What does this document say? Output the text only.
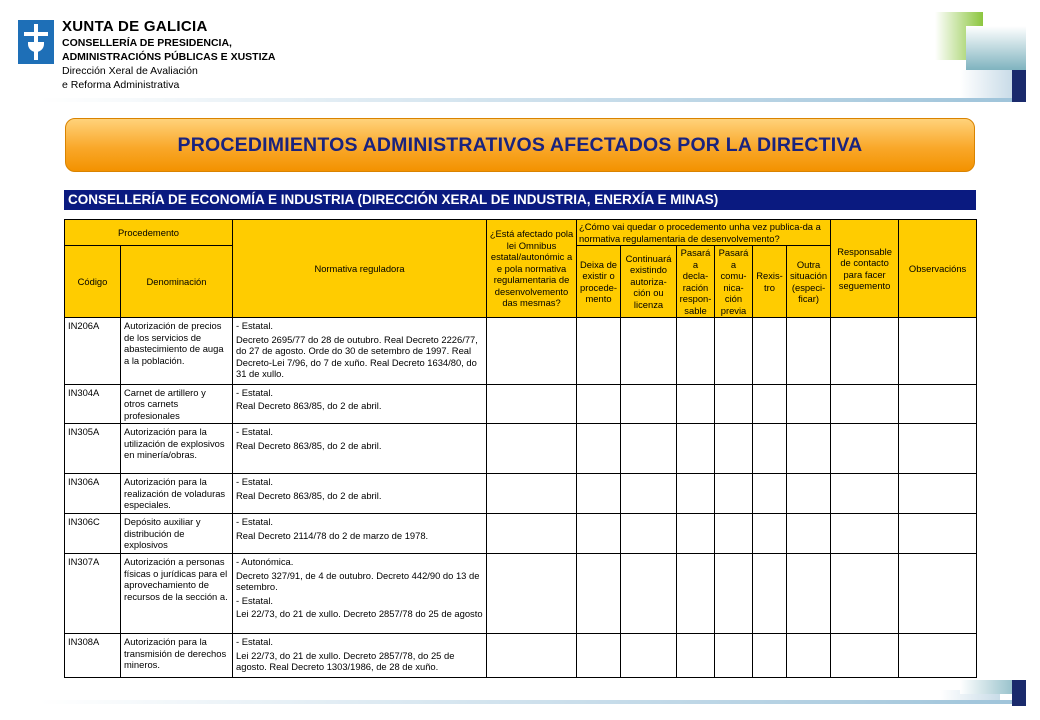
XUNTA DE GALICIA
CONSELLERÍA DE PRESIDENCIA,
ADMINISTRACIÓNS PÚBLICAS E XUSTIZA
Dirección Xeral de Avaliación
e Reforma Administrativa
PROCEDIMIENTOS ADMINISTRATIVOS AFECTADOS POR LA DIRECTIVA
CONSELLERÍA DE ECONOMÍA E INDUSTRIA (DIRECCIÓN XERAL DE INDUSTRIA, ENERXÍA E MINAS)
Procedemento		Normativa reguladora	¿Está afectado pola lei Omnibus estatal/autonómic a e pola normativa regulamentaria de desenvolvemento das mesmas?	¿Cómo vai quedar o procedemento unha vez publica-da a normativa regulamentaria de desenvolvemento?						Responsable de contacto para facer seguemento	Observacións
Código	Denominación			Deixa de existir o procede-mento	Continuará existindo autoriza-ción ou licenza	Pasará a decla-ración respon-sable	Pasará a comu-nica-ción previa	Rexis-tro	Outra situación (especi-ficar)		
IN206A	Autorización de precios de los servicios de abastecimiento de auga a la población.	- Estatal.

Decreto 2695/77 do 28 de outubro. Real Decreto 2226/77, do 27 de agosto. Orde do 30 de setembro de 1997. Real Decreto-Lei 7/96, do 7 de xuño. Real Decreto 1634/80, do 31 de xullo.									

IN304A	Carnet de artillero y otros carnets profesionales	- Estatal.

Real Decreto 863/85, do 2 de abril.									

IN305A	Autorización para la utilización de explosivos en minería/obras.	- Estatal.

Real Decreto 863/85, do 2 de abril.									

IN306A	Autorización para la realización de voladuras especiales.	- Estatal.

Real Decreto 863/85, do 2 de abril.									

IN306C	Depósito auxiliar y distribución de explosivos	- Estatal.

Real Decreto 2114/78 do 2 de marzo de 1978.									

IN307A	Autorización a personas físicas o jurídicas para el aprovechamiento de recursos de la sección a.	- Autonómica.

Decreto 327/91, de 4 de outubro. Decreto 442/90 do 13 de setembro.

- Estatal.

Lei 22/73, do 21 de xullo. Decreto 2857/78 do 25 de agosto									

IN308A	Autorización para la transmisión de derechos mineros.	- Estatal.

Lei 22/73, do 21 de xullo. Decreto 2857/78, do 25 de agosto. Real Decreto 1303/1986, de 28 de xuño.									
